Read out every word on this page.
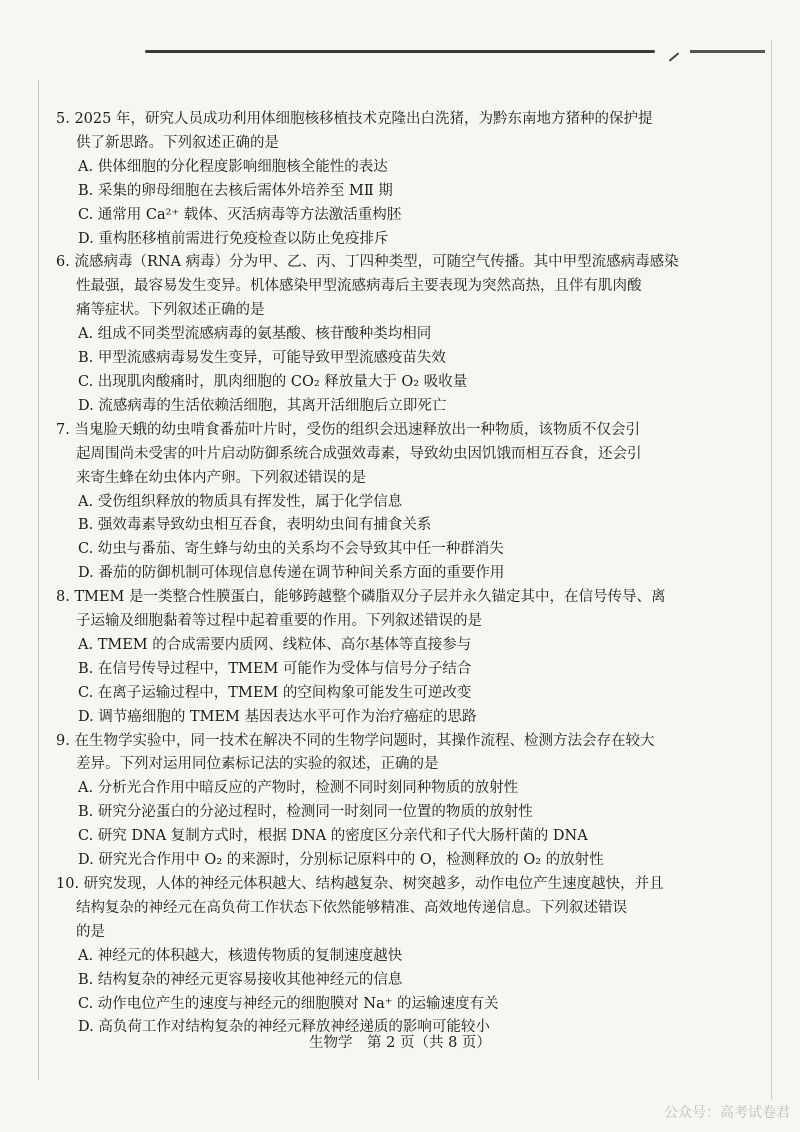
5. 2025 年，研究人员成功利用体细胞核移植技术克隆出白洗猪，为黔东南地方猪种的保护提
供了新思路。下列叙述正确的是
A. 供体细胞的分化程度影响细胞核全能性的表达
B. 采集的卵母细胞在去核后需体外培养至 MⅡ 期
C. 通常用 Ca²⁺ 载体、灭活病毒等方法激活重构胚
D. 重构胚移植前需进行免疫检查以防止免疫排斥
6. 流感病毒（RNA 病毒）分为甲、乙、丙、丁四种类型，可随空气传播。其中甲型流感病毒感染
性最强，最容易发生变异。机体感染甲型流感病毒后主要表现为突然高热，且伴有肌肉酸
痛等症状。下列叙述正确的是
A. 组成不同类型流感病毒的氨基酸、核苷酸种类均相同
B. 甲型流感病毒易发生变异，可能导致甲型流感疫苗失效
C. 出现肌肉酸痛时，肌肉细胞的 CO₂ 释放量大于 O₂ 吸收量
D. 流感病毒的生活依赖活细胞，其离开活细胞后立即死亡
7. 当鬼脸天蛾的幼虫啃食番茄叶片时，受伤的组织会迅速释放出一种物质，该物质不仅会引
起周围尚未受害的叶片启动防御系统合成强效毒素，导致幼虫因饥饿而相互吞食，还会引
来寄生蜂在幼虫体内产卵。下列叙述错误的是
A. 受伤组织释放的物质具有挥发性，属于化学信息
B. 强效毒素导致幼虫相互吞食，表明幼虫间有捕食关系
C. 幼虫与番茄、寄生蜂与幼虫的关系均不会导致其中任一种群消失
D. 番茄的防御机制可体现信息传递在调节种间关系方面的重要作用
8. TMEM 是一类整合性膜蛋白，能够跨越整个磷脂双分子层并永久锚定其中，在信号传导、离
子运输及细胞黏着等过程中起着重要的作用。下列叙述错误的是
A. TMEM 的合成需要内质网、线粒体、高尔基体等直接参与
B. 在信号传导过程中，TMEM 可能作为受体与信号分子结合
C. 在离子运输过程中，TMEM 的空间构象可能发生可逆改变
D. 调节癌细胞的 TMEM 基因表达水平可作为治疗癌症的思路
9. 在生物学实验中，同一技术在解决不同的生物学问题时，其操作流程、检测方法会存在较大
差异。下列对运用同位素标记法的实验的叙述，正确的是
A. 分析光合作用中暗反应的产物时，检测不同时刻同种物质的放射性
B. 研究分泌蛋白的分泌过程时，检测同一时刻同一位置的物质的放射性
C. 研究 DNA 复制方式时，根据 DNA 的密度区分亲代和子代大肠杆菌的 DNA
D. 研究光合作用中 O₂ 的来源时，分别标记原料中的 O，检测释放的 O₂ 的放射性
10. 研究发现，人体的神经元体积越大、结构越复杂、树突越多，动作电位产生速度越快，并且
结构复杂的神经元在高负荷工作状态下依然能够精准、高效地传递信息。下列叙述错误
的是
A. 神经元的体积越大，核遗传物质的复制速度越快
B. 结构复杂的神经元更容易接收其他神经元的信息
C. 动作电位产生的速度与神经元的细胞膜对 Na⁺ 的运输速度有关
D. 高负荷工作对结构复杂的神经元释放神经递质的影响可能较小
生物学　第 2 页（共 8 页）
公众号：高考试卷君
